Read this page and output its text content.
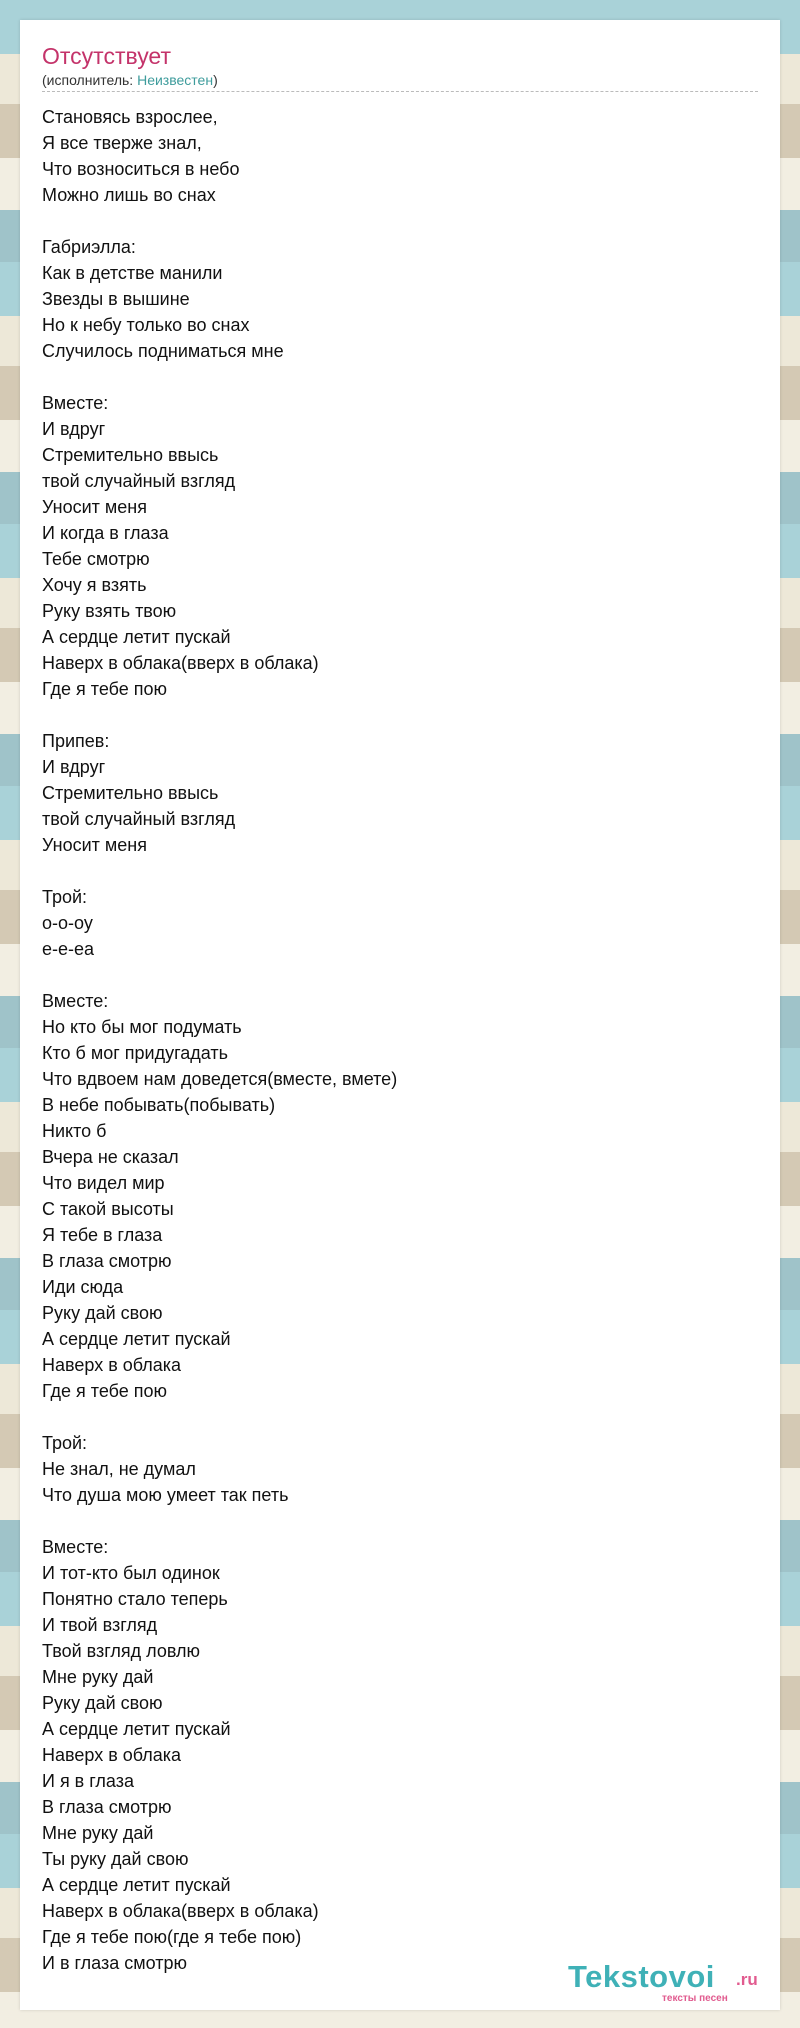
Отсутствует
(исполнитель: Неизвестен)
Становясь взрослее,
Я все тверже знал,
Что возноситься в небо
Можно лишь во снах
Габриэлла:
Как в детстве манили
Звезды в вышине
Но к небу только во снах
Случилось подниматься мне
Вместе:
И вдруг
Стремительно ввысь
твой случайный взгляд
Уносит меня
И когда в глаза
Тебе смотрю
Хочу я взять
Руку взять твою
А сердце летит пускай
Наверх в облака(вверх в облака)
Где я тебе пою
Припев:
И вдруг
Стремительно ввысь
твой случайный взгляд
Уносит меня
Трой:
о-о-оу
е-е-еа
Вместе:
Но кто бы мог подумать
Кто б мог придугадать
Что вдвоем нам доведется(вместе, вмете)
В небе побывать(побывать)
Никто б
Вчера не сказал
Что видел мир
С такой высоты
Я тебе в глаза
В глаза смотрю
Иди сюда
Руку дай свою
А сердце летит пускай
Наверх в облака
Где я тебе пою
Трой:
Не знал, не думал
Что душа мою умеет так петь
Вместе:
И тот-кто был одинок
Понятно стало теперь
И твой взгляд
Твой взгляд ловлю
Мне руку дай
Руку дай свою
А сердце летит пускай
Наверх в облака
И я в глаза
В глаза смотрю
Мне руку дай
Ты руку дай свою
А сердце летит пускай
Наверх в облака(вверх в облака)
Где я тебе пою(где я тебе пою)
И в глаза смотрю	Tekstovoi .ru
тексты песен
